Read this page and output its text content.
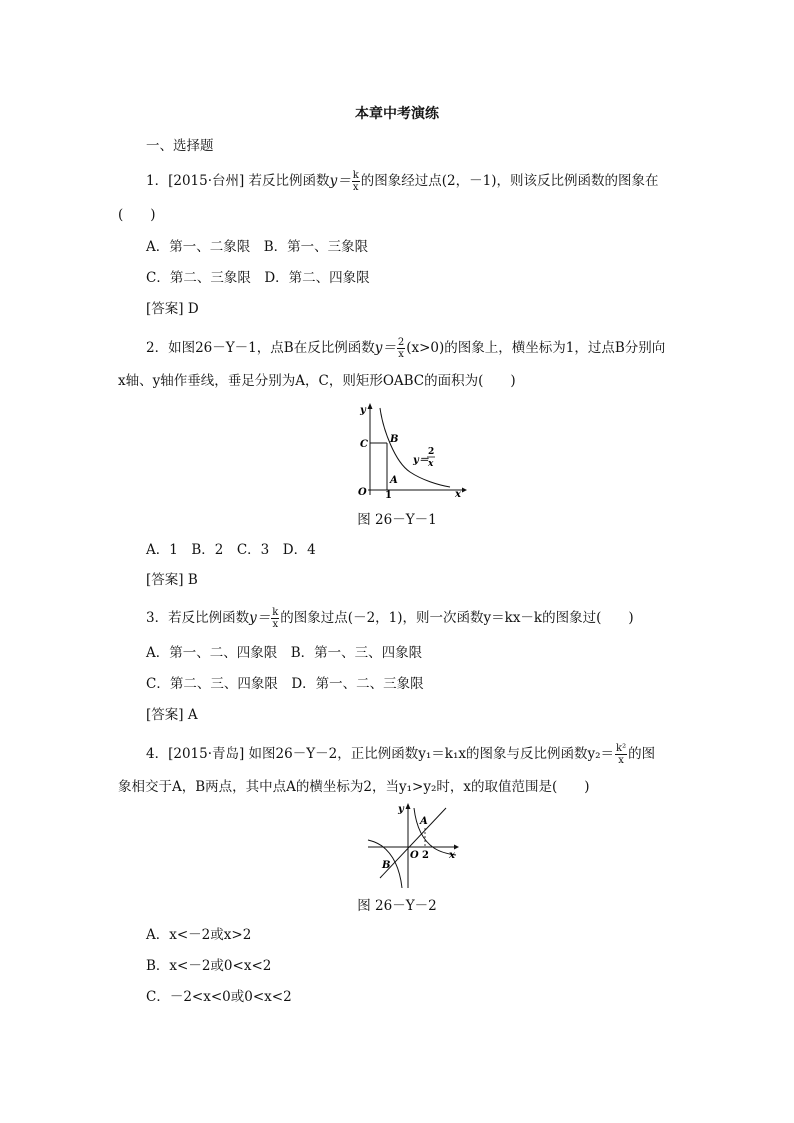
本章中考演练
一、选择题
1．[2015·台州] 若反比例函数$y= \frac{k}{x}$ 的图象经过点(2，－1)，则该反比例函数的图象在
(　　)
A．第一、二象限　B．第一、三象限
C．第二、三象限　D．第二、四象限
[答案] D
2．如图26－Y－1，点B在反比例函数$y= \frac{2}{x} (x>0)$的图象上，横坐标为1，过点B分别向
x轴、y轴作垂线，垂足分别为A，C，则矩形OABC的面积为(　　)
y
x
O
C B
A
1
y＝
2
x
图 26－Y－1
A．1　B．2　C．3　D．4
[答案] B
3．若反比例函数$y= \frac{k}{x}$ 的图象过点(－2，1)，则一次函数y＝kx－k的图象过(　　)
A．第一、二、四象限　B．第一、三、四象限
C．第二、三、四象限　D．第一、二、三象限
[答案] A
4．[2015·青岛] 如图26－Y－2，正比例函数y₁＝k₁x的图象与反比例函数$y_2= \frac{\text{k²}}{x}$ 的图
象相交于A，B两点，其中点A的横坐标为2，当y₁>y₂时，x的取值范围是(　　)
y
x
O 2
A
B
图 26－Y－2
A．x<－2或x>2
B．x<－2或0<x<2
C．－2<x<0或0<x<2
